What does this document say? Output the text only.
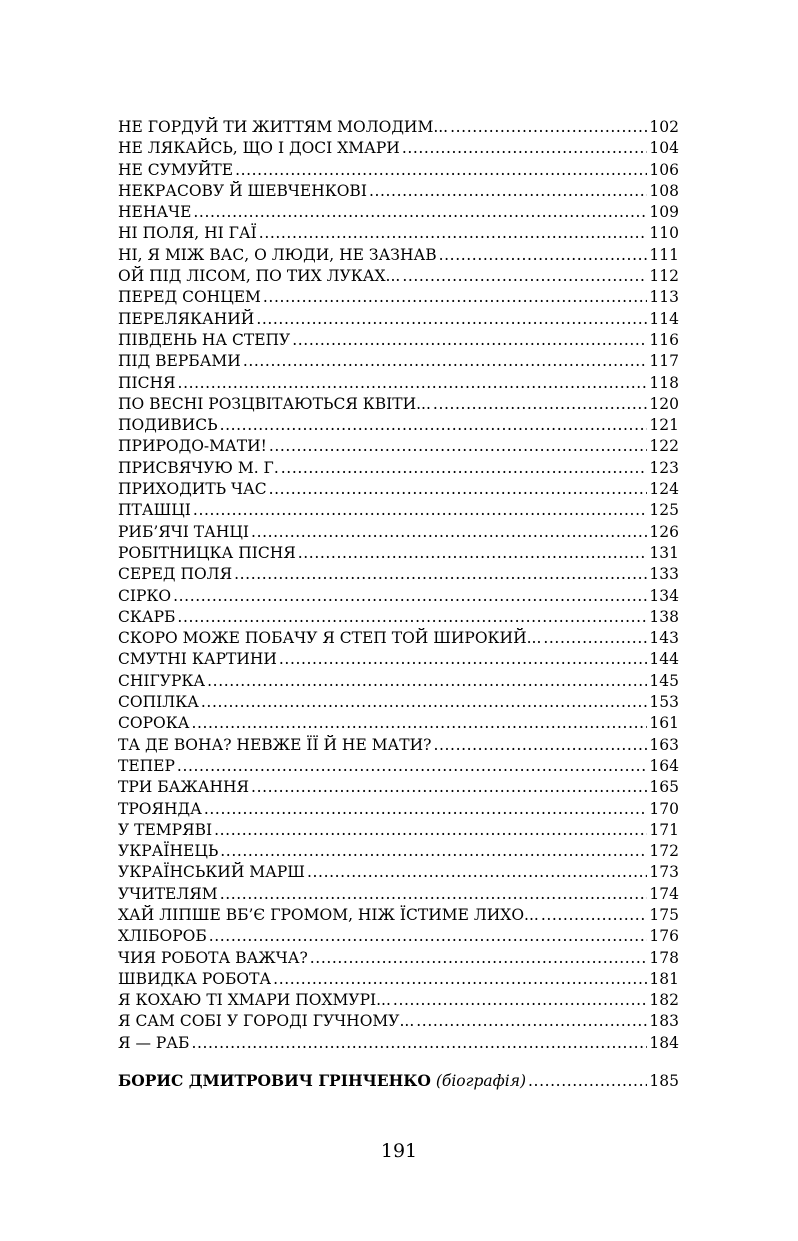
НЕ ГОРДУЙ ТИ ЖИТТЯМ МОЛОДИМ... .....	102
НЕ ЛЯКАЙСЬ, ЩО І ДОСІ ХМАРИ .....	104
НЕ СУМУЙТЕ .....	106
НЕКРАСОВУ Й ШЕВЧЕНКОВІ .....	108
НЕНАЧЕ .....	109
НІ ПОЛЯ, НІ ГАЇ .....	110
НІ, Я МІЖ ВАС, О ЛЮДИ, НЕ ЗАЗНАВ .....	111
ОЙ ПІД ЛІСОМ, ПО ТИХ ЛУКАХ... .....	112
ПЕРЕД СОНЦЕМ .....	113
ПЕРЕЛЯКАНИЙ .....	114
ПІВДЕНЬ НА СТЕПУ .....	116
ПІД ВЕРБАМИ .....	117
ПІСНЯ .....	118
ПО ВЕСНІ РОЗЦВІТАЮТЬСЯ КВІТИ... .....	120
ПОДИВИСЬ .....	121
ПРИРОДО-МАТИ! .....	122
ПРИСВЯЧУЮ М. Г. .....	123
ПРИХОДИТЬ ЧАС .....	124
ПТАШЦІ .....	125
РИБ’ЯЧІ ТАНЦІ .....	126
РОБІТНИЦКА ПІСНЯ .....	131
СЕРЕД ПОЛЯ .....	133
СІРКО .....	134
СКАРБ .....	138
СКОРО МОЖЕ ПОБАЧУ Я СТЕП ТОЙ ШИРОКИЙ... .....	143
СМУТНІ КАРТИНИ .....	144
СНІГУРКА .....	145
СОПІЛКА .....	153
СОРОКА .....	161
ТА ДЕ ВОНА? НЕВЖЕ ЇЇ Й НЕ МАТИ? .....	163
ТЕПЕР .....	164
ТРИ БАЖАННЯ .....	165
ТРОЯНДА .....	170
У ТЕМРЯВІ .....	171
УКРАЇНЕЦЬ .....	172
УКРАЇНСЬКИЙ МАРШ .....	173
УЧИТЕЛЯМ .....	174
ХАЙ ЛІПШЕ ВБ’Є ГРОМОМ, НІЖ ЇСТИМЕ ЛИХО... .....	175
ХЛІБОРОБ .....	176
ЧИЯ РОБОТА ВАЖЧА? .....	178
ШВИДКА РОБОТА .....	181
Я КОХАЮ ТІ ХМАРИ ПОХМУРІ... .....	182
Я САМ СОБІ У ГОРОДІ ГУЧНОМУ... .....	183
Я — РАБ .....	184
БОРИС ДМИТРОВИЧ ГРІНЧЕНКО (біографія) .....	185
191
